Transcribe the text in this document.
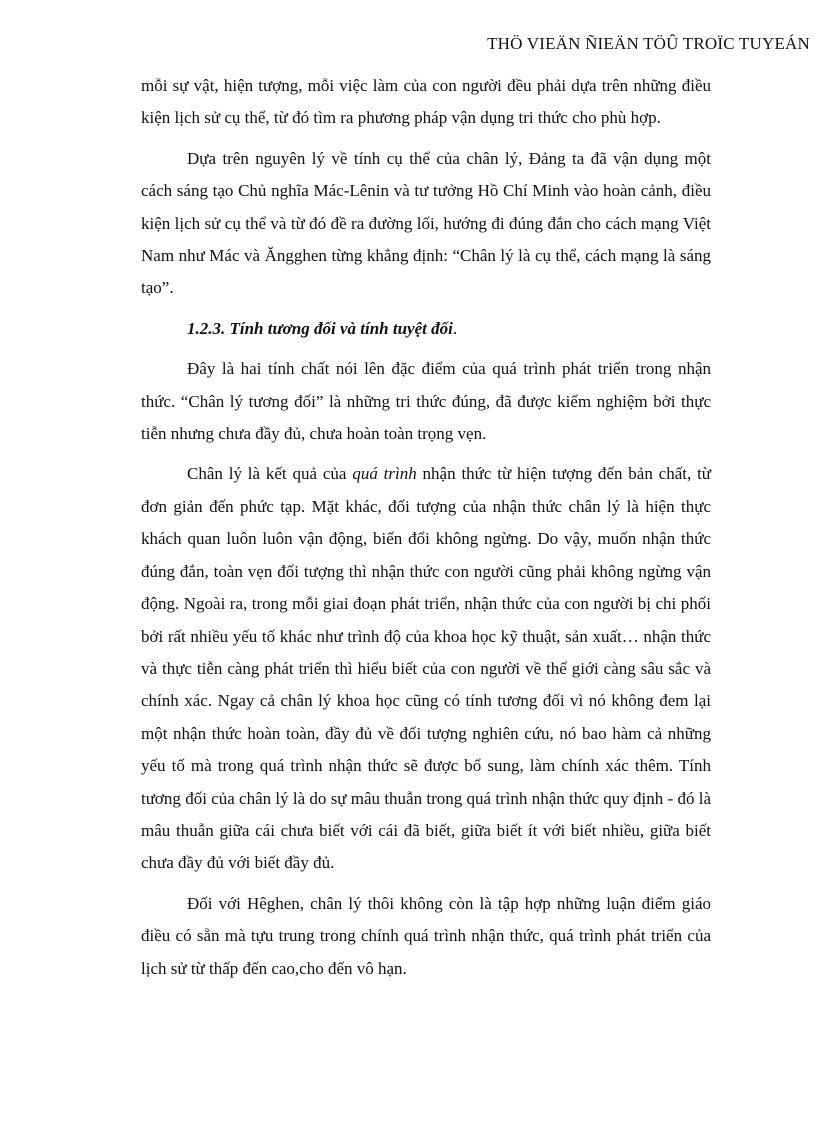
THÖ VIEÄN ÑIEÄN TÖÛ TROÏC TUYEÁN

mỗi sự vật, hiện tượng, mỗi việc làm của con người đều phải dựa trên những điều kiện lịch sử cụ thể, từ đó tìm ra phương pháp vận dụng tri thức cho phù hợp.

Dựa trên nguyên lý về tính cụ thể của chân lý, Đảng ta đã vận dụng một cách sáng tạo Chủ nghĩa Mác-Lênin và tư tưởng Hồ Chí Minh vào hoàn cảnh, điều kiện lịch sử cụ thể và từ đó đề ra đường lối, hướng đi đúng đắn cho cách mạng Việt Nam như Mác và Ăngghen từng khẳng định: “Chân lý là cụ thể, cách mạng là sáng tạo”.

1.2.3. Tính tương đối và tính tuyệt đối.

Đây là hai tính chất nói lên đặc điểm của quá trình phát triển trong nhận thức. “Chân lý tương đối” là những tri thức đúng, đã được kiểm nghiệm bởi thực tiễn nhưng chưa đầy đủ, chưa hoàn toàn trọng vẹn.

Chân lý là kết quả của quá trình nhận thức từ hiện tượng đến bản chất, từ đơn giản đến phức tạp. Mặt khác, đối tượng của nhận thức chân lý là hiện thực khách quan luôn luôn vận động, biến đổi không ngừng. Do vậy, muốn nhận thức đúng đắn, toàn vẹn đối tượng thì nhận thức con người cũng phải không ngừng vận động. Ngoài ra, trong mỗi giai đoạn phát triển, nhận thức của con người bị chi phối bởi rất nhiều yếu tố khác như trình độ của khoa học kỹ thuật, sản xuất… nhận thức và thực tiễn càng phát triển thì hiểu biết của con người về thế giới càng sâu sắc và chính xác. Ngay cả chân lý khoa học cũng có tính tương đối vì nó không đem lại một nhận thức hoàn toàn, đầy đủ về đối tượng nghiên cứu, nó bao hàm cả những yếu tố mà trong quá trình nhận thức sẽ được bổ sung, làm chính xác thêm. Tính tương đối của chân lý là do sự mâu thuẫn trong quá trình nhận thức quy định - đó là mâu thuẫn giữa cái chưa biết với cái đã biết, giữa biết ít với biết nhiều, giữa biết chưa đầy đủ với biết đầy đủ.

Đối với Hêghen, chân lý thôi không còn là tập hợp những luận điểm giáo điều có sẵn mà tựu trung trong chính quá trình nhận thức, quá trình phát triển của lịch sử từ thấp đến cao,cho đến vô hạn.
